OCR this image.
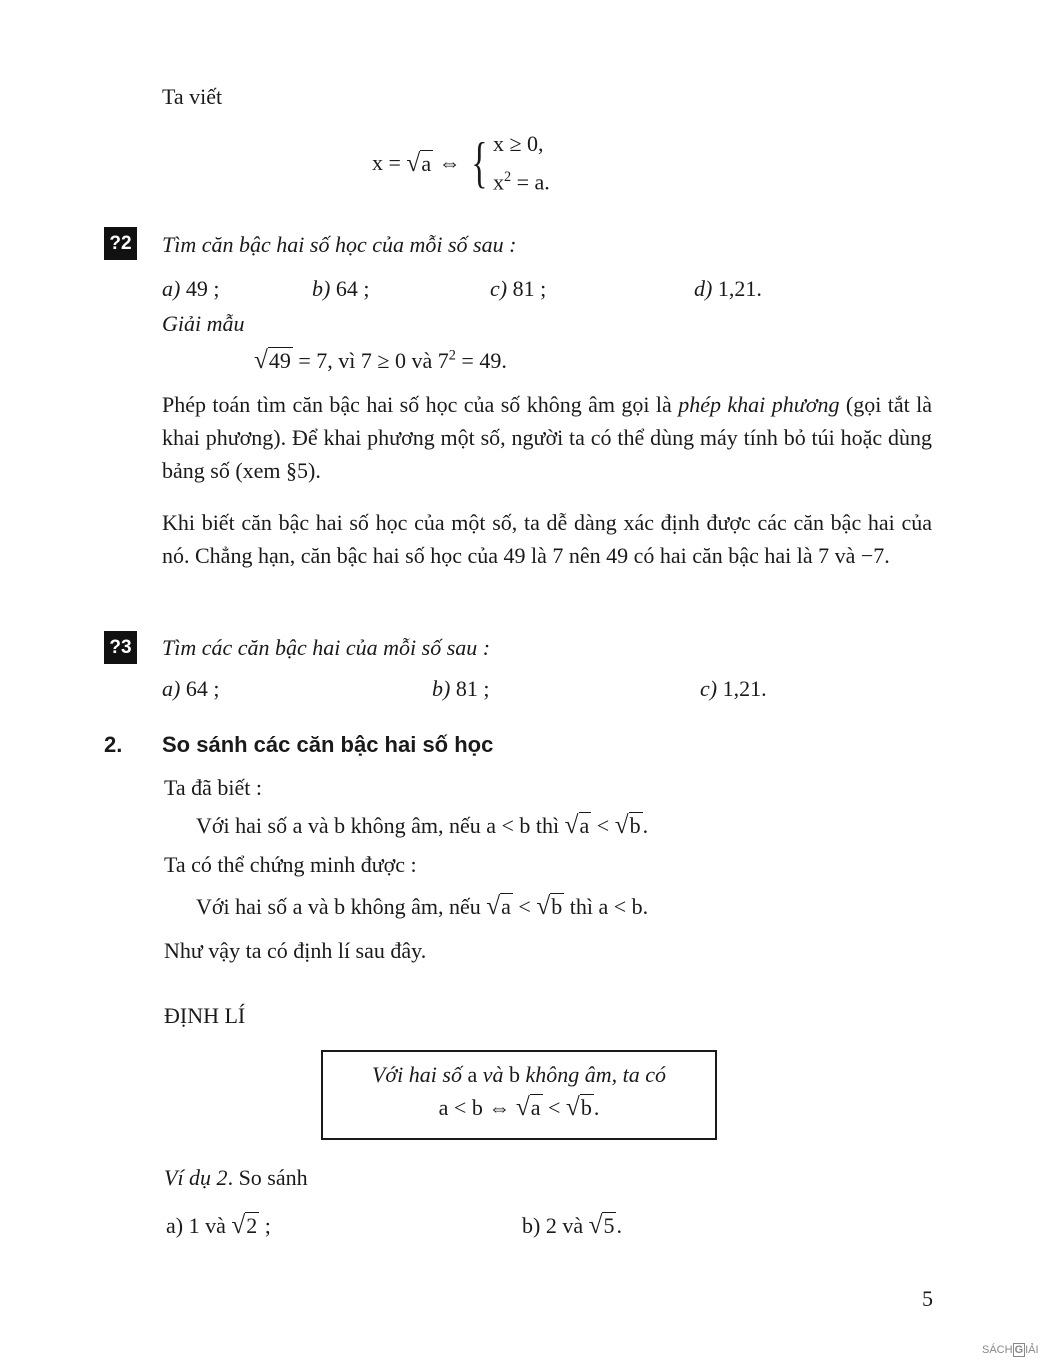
Ta viết
x =
√a
⇔
{ x ≥ 0,
$x^2 = a$.
?2 Tìm căn bậc hai số học của mỗi số sau :
a) 49 ;	b) 64 ;	c) 81 ;	d) 1,21.
Giải mẫu
√49 = 7, vì 7 ≥ 0 và $7^2 = 49$.
Phép toán tìm căn bậc hai số học của số không âm gọi là phép khai phương (gọi tắt là khai phương). Để khai phương một số, người ta có thể dùng máy tính bỏ túi hoặc dùng bảng số (xem §5).
Khi biết căn bậc hai số học của một số, ta dễ dàng xác định được các căn bậc hai của nó. Chẳng hạn, căn bậc hai số học của 49 là 7 nên 49 có hai căn bậc hai là 7 và −7.
?3 Tìm các căn bậc hai của mỗi số sau :
a) 64 ;	b) 81 ;	c) 1,21.
2. So sánh các căn bậc hai số học
Ta đã biết :
Với hai số a và b không âm, nếu a < b thì √a < √b.
Ta có thể chứng minh được :
Với hai số a và b không âm, nếu √a < √b thì a < b.
Như vậy ta có định lí sau đây.
ĐỊNH LÍ
Với hai số a và b không âm, ta có
a < b ⇔ √a < √b.
Ví dụ 2. So sánh
a) 1 và √2 ;	b) 2 và √5.
5
SÁCH G IẢI
